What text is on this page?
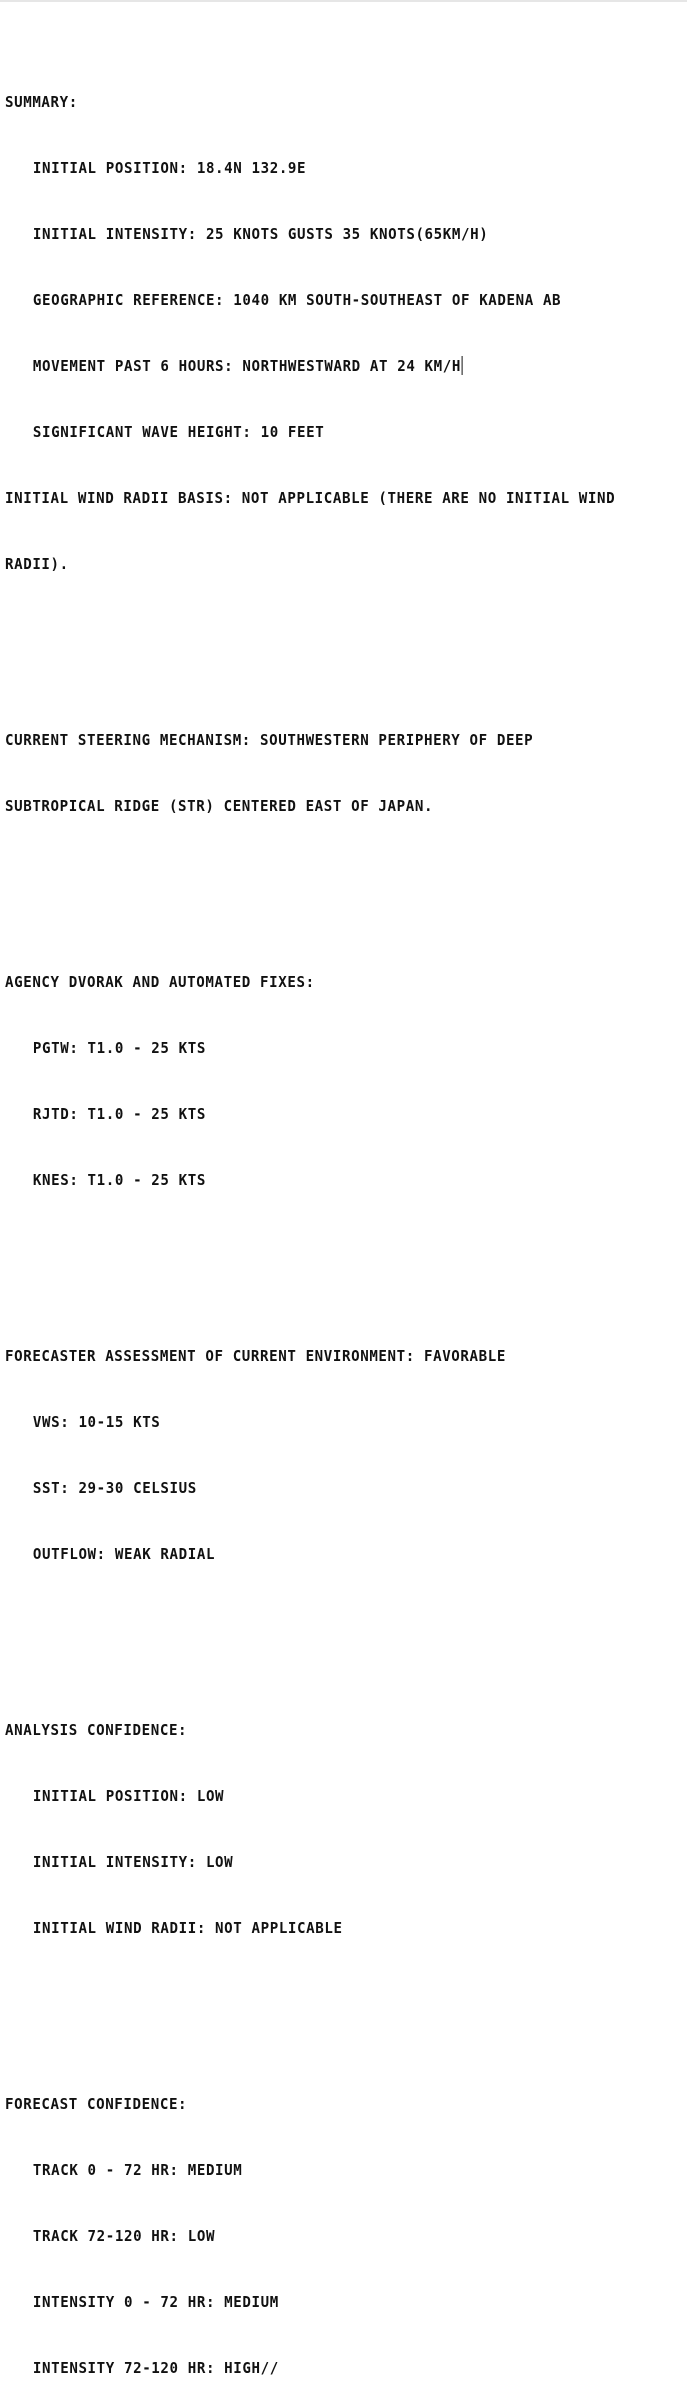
SUMMARY:

INITIAL POSITION: 18.4N 132.9E

INITIAL INTENSITY: 25 KNOTS GUSTS 35 KNOTS(65KM/H)

GEOGRAPHIC REFERENCE: 1040 KM SOUTH-SOUTHEAST OF KADENA AB

MOVEMENT PAST 6 HOURS: NORTHWESTWARD AT 24 KM/H

SIGNIFICANT WAVE HEIGHT: 10 FEET

INITIAL WIND RADII BASIS: NOT APPLICABLE (THERE ARE NO INITIAL WIND

RADII).

CURRENT STEERING MECHANISM: SOUTHWESTERN PERIPHERY OF DEEP

SUBTROPICAL RIDGE (STR) CENTERED EAST OF JAPAN.

AGENCY DVORAK AND AUTOMATED FIXES:

PGTW: T1.0 - 25 KTS

RJTD: T1.0 - 25 KTS

KNES: T1.0 - 25 KTS

FORECASTER ASSESSMENT OF CURRENT ENVIRONMENT: FAVORABLE

VWS: 10-15 KTS

SST: 29-30 CELSIUS

OUTFLOW: WEAK RADIAL

ANALYSIS CONFIDENCE:

INITIAL POSITION: LOW

INITIAL INTENSITY: LOW

INITIAL WIND RADII: NOT APPLICABLE

FORECAST CONFIDENCE:

TRACK 0 - 72 HR: MEDIUM

TRACK 72-120 HR: LOW

INTENSITY 0 - 72 HR: MEDIUM

INTENSITY 72-120 HR: HIGH//
